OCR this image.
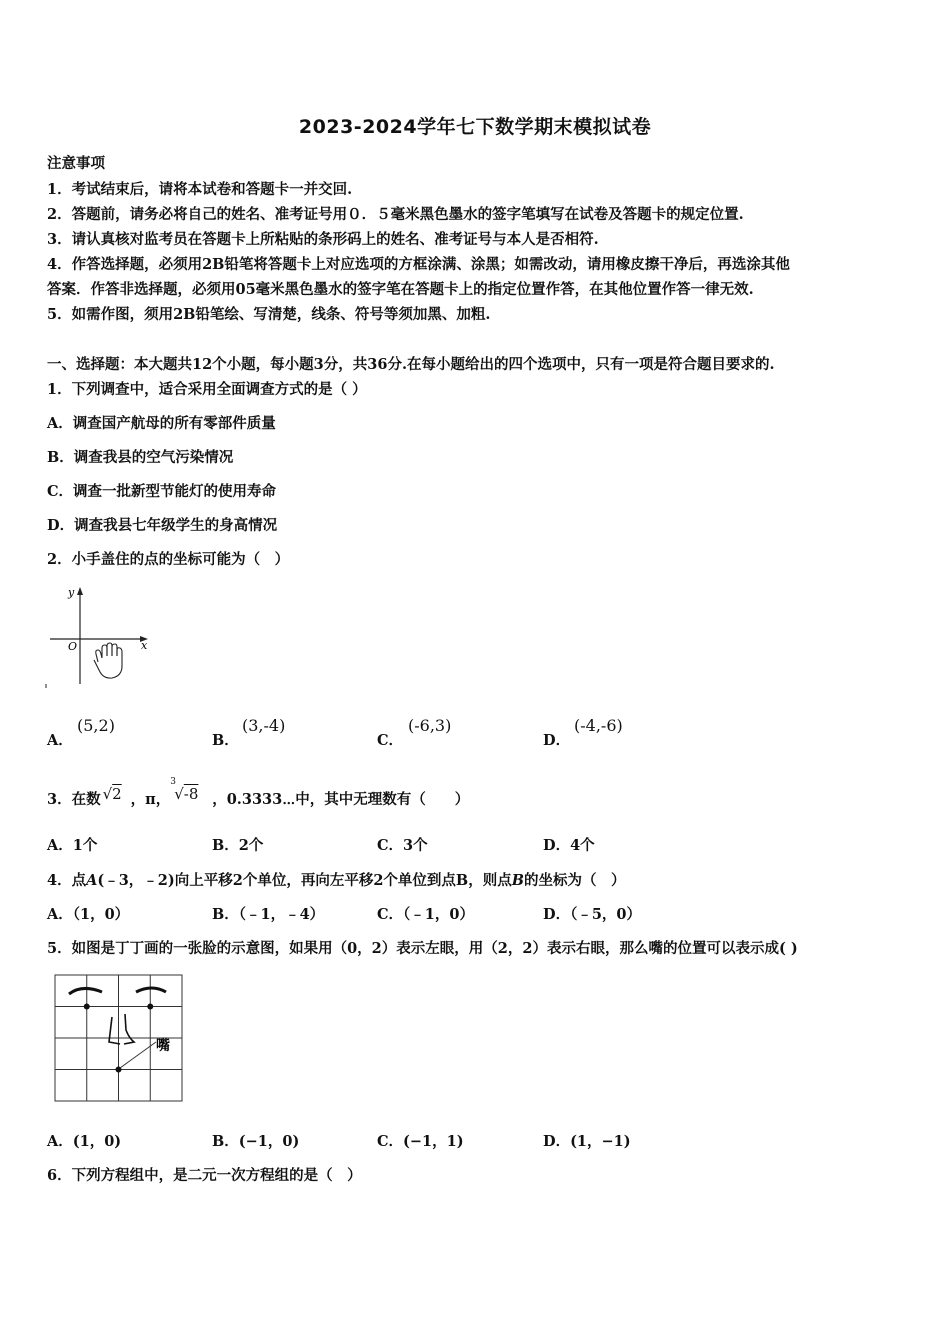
2023-2024学年七下数学期末模拟试卷
注意事项
1．考试结束后，请将本试卷和答题卡一并交回.
2．答题前，请务必将自己的姓名、准考证号用０．５毫米黑色墨水的签字笔填写在试卷及答题卡的规定位置.
3．请认真核对监考员在答题卡上所粘贴的条形码上的姓名、准考证号与本人是否相符.
4．作答选择题，必须用2B铅笔将答题卡上对应选项的方框涂满、涂黑；如需改动，请用橡皮擦干净后，再选涂其他
答案．作答非选择题，必须用05毫米黑色墨水的签字笔在答题卡上的指定位置作答，在其他位置作答一律无效.
5．如需作图，须用2B铅笔绘、写清楚，线条、符号等须加黑、加粗.
一、选择题：本大题共12个小题，每小题3分，共36分.在每小题给出的四个选项中，只有一项是符合题目要求的.
1．下列调查中，适合采用全面调查方式的是（ ）
A．调查国产航母的所有零部件质量
B．调查我县的空气污染情况
C．调查一批新型节能灯的使用寿命
D．调查我县七年级学生的身高情况
2．小手盖住的点的坐标可能为（　）
y
x
O
A．
(5,2)
B．
(3,‑4)
C．
(‑6,3)
D．
(‑4,‑6)
3．在数 √2 ，π，
3
√‑8 ，0.3333⋯中，其中无理数有（　　）
A．1个	B．2个	C．3个	D．4个
4．点A(﹣3，﹣2)向上平移2个单位，再向左平移2个单位到点B，则点B的坐标为（　）
A．（1，0）	B．（﹣1，﹣4）	C．（﹣1，0）	D．（﹣5，0）
5．如图是丁丁画的一张脸的示意图，如果用（0，2）表示左眼，用（2，2）表示右眼，那么嘴的位置可以表示成( )
嘴
A．(1，0)	B．(−1，0)	C．(−1，1)	D．(1，−1)
6．下列方程组中，是二元一次方程组的是（　）
